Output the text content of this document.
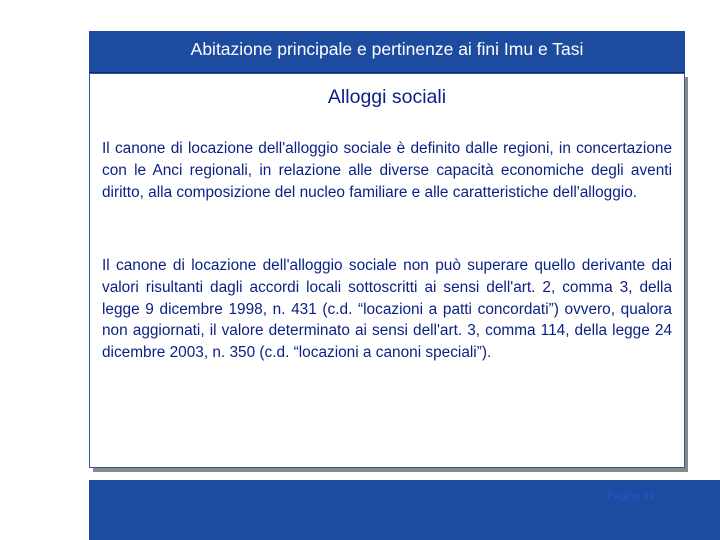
Abitazione principale e pertinenze ai fini Imu e Tasi
Alloggi sociali

Il canone di locazione dell'alloggio sociale è definito dalle regioni, in concertazione con le Anci regionali, in relazione alle diverse capacità economiche degli aventi diritto, alla composizione del nucleo familiare e alle caratteristiche dell'alloggio.

Il canone di locazione dell'alloggio sociale non può superare quello derivante dai valori risultanti dagli accordi locali sottoscritti ai sensi dell'art. 2, comma 3, della legge 9 dicembre 1998, n. 431 (c.d. “locazioni a patti concordati”) ovvero, qualora non aggiornati, il valore determinato ai sensi dell'art. 3, comma 114, della legge 24 dicembre 2003, n. 350 (c.d. “locazioni a canoni speciali”).

Pagina 39
